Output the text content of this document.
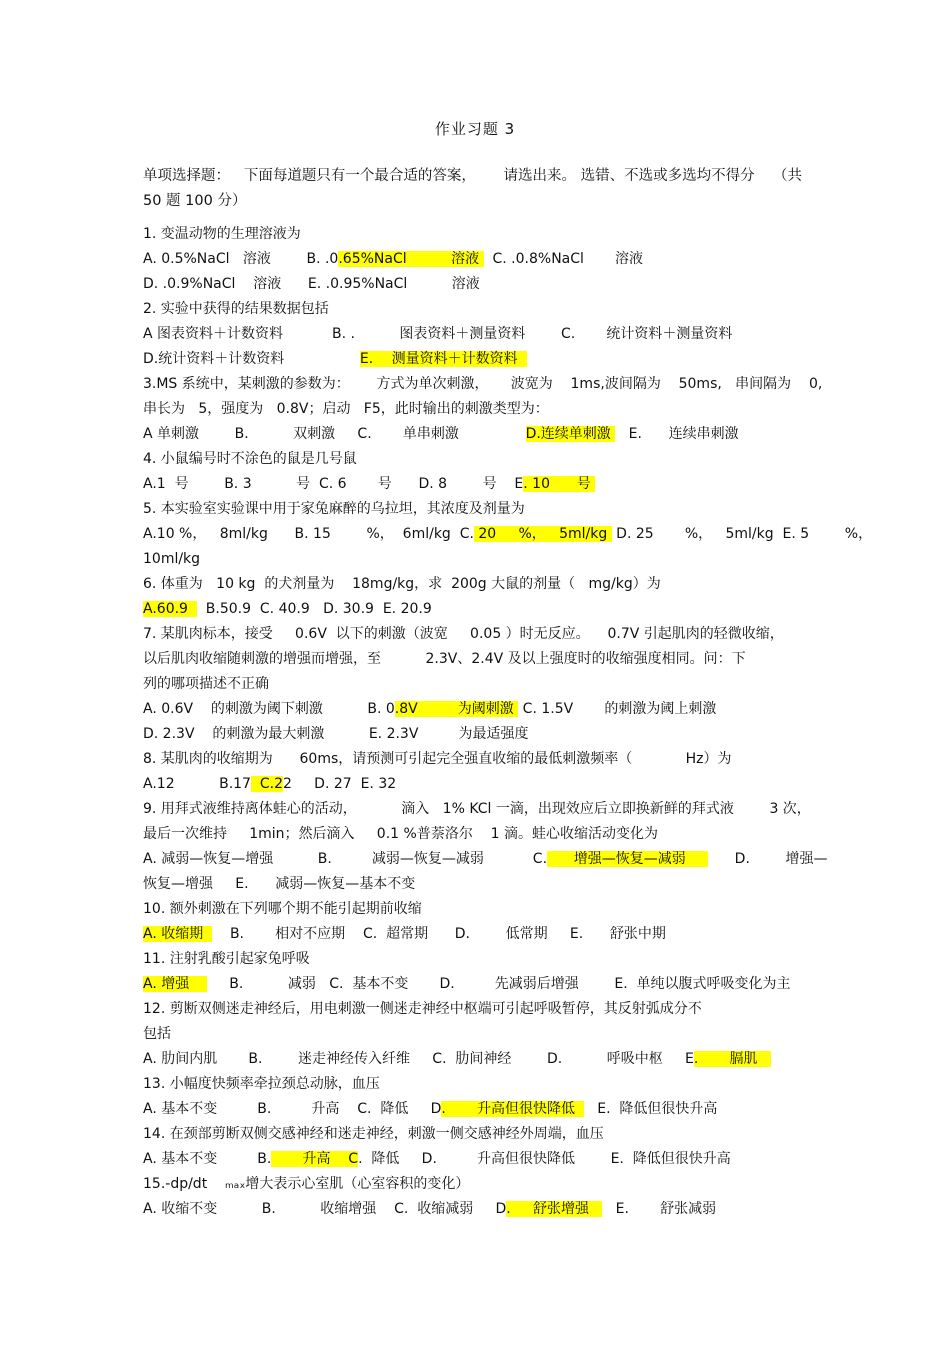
作业习题 3
单项选择题：   下面每道题只有一个最合适的答案，      请选出来。 选错、不选或多选均不得分    （共
50 题 100 分）
1. 变温动物的生理溶液为
A. 0.5%NaCl   溶液        B. .0.65%NaCl          溶液   C. .0.8%NaCl       溶液
D. .0.9%NaCl    溶液      E. .0.95%NaCl          溶液
2. 实验中获得的结果数据包括
A 图表资料＋计数资料           B. .          图表资料＋测量资料        C.       统计资料＋测量资料
D.统计资料＋计数资料                 E．  测量资料＋计数资料
3.MS 系统中，某刺激的参数为：      方式为单次刺激，     波宽为    1ms,波间隔为    50ms,   串间隔为    0,
串长为   5，强度为   0.8V；启动   F5，此时输出的刺激类型为：
A 单刺激        B.          双刺激     C.       单串刺激               D.连续单刺激    E.      连续串刺激
4. 小鼠编号时不涂色的鼠是几号鼠
A.1  号        B. 3          号  C. 6       号      D. 8        号    E. 10      号
5. 本实验室实验课中用于家兔麻醉的乌拉坦，其浓度及剂量为
A.10 %，   8ml/kg      B. 15        %，  6ml/kg  C. 20     %，   5ml/kg  D. 25       %，   5ml/kg  E. 5        %，
10ml/kg
6. 体重为   10 kg  的犬剂量为    18mg/kg，求  200g 大鼠的剂量（   mg/kg）为
A.60.9    B.50.9  C. 40.9   D. 30.9  E. 20.9
7. 某肌肉标本，接受     0.6V  以下的刺激（波宽     0.05 ）时无反应。    0.7V 引起肌肉的轻微收缩，
以后肌肉收缩随刺激的增强而增强，至          2.3V、2.4V 及以上强度时的收缩强度相同。问：下
列的哪项描述不正确
A. 0.6V    的刺激为阈下刺激          B. 0.8V         为阈刺激  C. 1.5V       的刺激为阈上刺激
D. 2.3V    的刺激为最大刺激          E. 2.3V         为最适强度
8. 某肌肉的收缩期为      60ms，请预测可引起完全强直收缩的最低刺激频率（            Hz）为
A.12          B.17  C.22     D. 27  E. 32
9. 用拜式液维持离体蛙心的活动，          滴入   1% KCl 一滴，出现效应后立即换新鲜的拜式液        3 次，
最后一次维持     1min；然后滴入     0.1 %普萘洛尔    1 滴。蛙心收缩活动变化为
A. 减弱—恢复—增强          B.         减弱—恢复—减弱           C.      增强—恢复—减弱           D.        增强—
恢复—增强     E.      减弱—恢复—基本不变
10. 额外刺激在下列哪个期不能引起期前收缩
A. 收缩期      B.       相对不应期    C.  超常期      D.        低常期     E.      舒张中期
11. 注射乳酸引起家兔呼吸
A. 增强         B.          减弱   C.  基本不变       D.         先减弱后增强        E.  单纯以腹式呼吸变化为主
12. 剪断双侧迷走神经后，用电刺激一侧迷走神经中枢端可引起呼吸暂停，其反射弧成分不
包括
A. 肋间内肌       B.        迷走神经传入纤维     C.  肋间神经        D.          呼吸中枢     E.       膈肌
13. 小幅度快频率牵拉颈总动脉，血压
A. 基本不变         B.         升高    C.  降低     D.       升高但很快降低     E.  降低但很快升高
14. 在颈部剪断双侧交感神经和迷走神经，刺激一侧交感神经外周端，血压
A. 基本不变         B.       升高    C.  降低     D.         升高但很快降低        E.  降低但很快升高
15.-dp/dt    ₘₐₓ增大表示心室肌（心室容积的变化）
A. 收缩不变          B.          收缩增强    C.  收缩减弱     D.     舒张增强      E.       舒张减弱
